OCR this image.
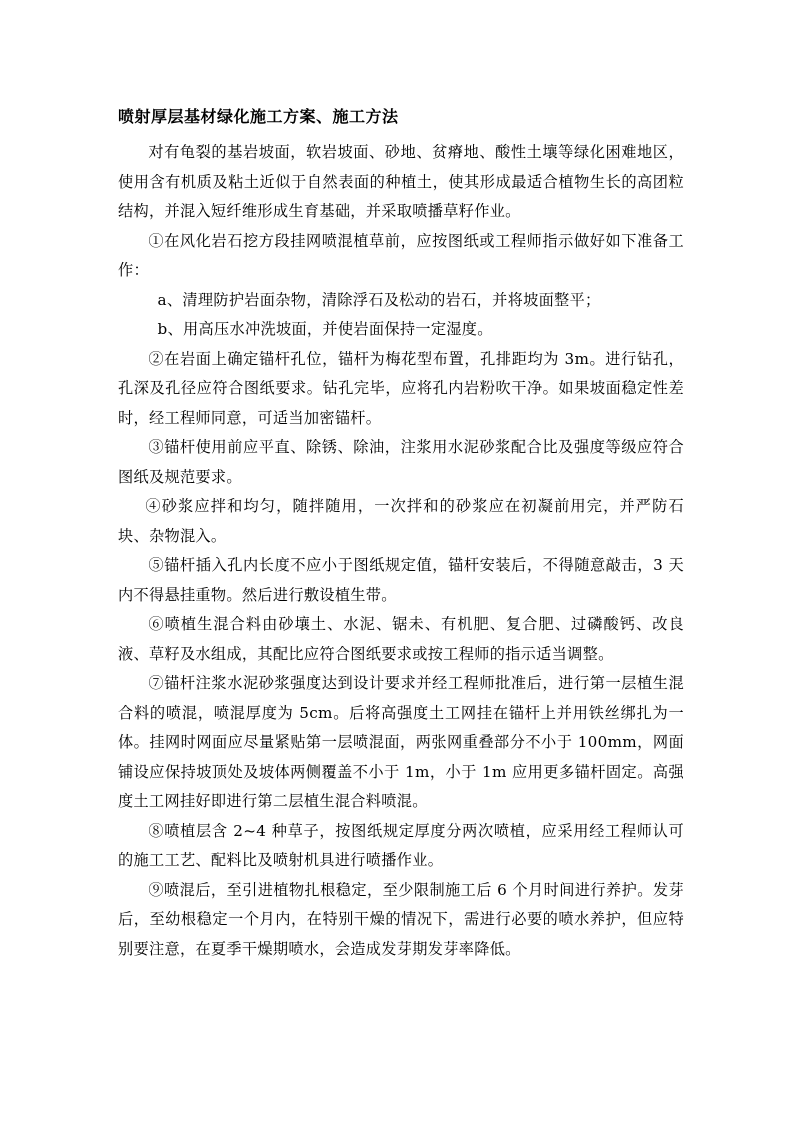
喷射厚层基材绿化施工方案、施工方法

对有龟裂的基岩坡面，软岩坡面、砂地、贫瘠地、酸性土壤等绿化困难地区，使用含有机质及粘土近似于自然表面的种植土，使其形成最适合植物生长的高团粒结构，并混入短纤维形成生育基础，并采取喷播草籽作业。

①在风化岩石挖方段挂网喷混植草前，应按图纸或工程师指示做好如下准备工作：

a、清理防护岩面杂物，清除浮石及松动的岩石，并将坡面整平；

b、用高压水冲洗坡面，并使岩面保持一定湿度。

②在岩面上确定锚杆孔位，锚杆为梅花型布置，孔排距均为 3m。进行钻孔，孔深及孔径应符合图纸要求。钻孔完毕，应将孔内岩粉吹干净。如果坡面稳定性差时，经工程师同意，可适当加密锚杆。

③锚杆使用前应平直、除锈、除油，注浆用水泥砂浆配合比及强度等级应符合图纸及规范要求。

④砂浆应拌和均匀，随拌随用，一次拌和的砂浆应在初凝前用完，并严防石块、杂物混入。

⑤锚杆插入孔内长度不应小于图纸规定值，锚杆安装后，不得随意敲击，3 天内不得悬挂重物。然后进行敷设植生带。

⑥喷植生混合料由砂壤土、水泥、锯未、有机肥、复合肥、过磷酸钙、改良液、草籽及水组成，其配比应符合图纸要求或按工程师的指示适当调整。

⑦锚杆注浆水泥砂浆强度达到设计要求并经工程师批准后，进行第一层植生混合料的喷混，喷混厚度为 5cm。后将高强度土工网挂在锚杆上并用铁丝绑扎为一体。挂网时网面应尽量紧贴第一层喷混面，两张网重叠部分不小于 100mm，网面铺设应保持坡顶处及坡体两侧覆盖不小于 1m，小于 1m 应用更多锚杆固定。高强度土工网挂好即进行第二层植生混合料喷混。

⑧喷植层含 2~4 种草子，按图纸规定厚度分两次喷植，应采用经工程师认可的施工工艺、配料比及喷射机具进行喷播作业。

⑨喷混后，至引进植物扎根稳定，至少限制施工后 6 个月时间进行养护。发芽后，至幼根稳定一个月内，在特别干燥的情况下，需进行必要的喷水养护，但应特别要注意，在夏季干燥期喷水，会造成发芽期发芽率降低。
